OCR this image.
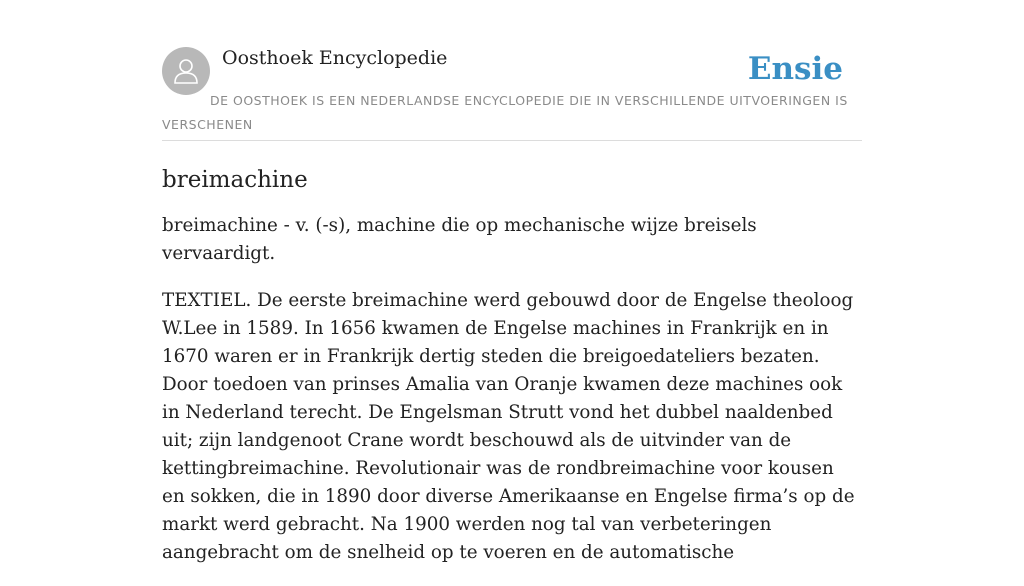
Oosthoek Encyclopedie	Ensie

DE OOSTHOEK IS EEN NEDERLANDSE ENCYCLOPEDIE DIE IN VERSCHILLENDE UITVOERINGEN IS VERSCHENEN

breimachine

breimachine - v. (-s), machine die op mechanische wijze breisels vervaardigt.

TEXTIEL. De eerste breimachine werd gebouwd door de Engelse theoloog W.Lee in 1589. In 1656 kwamen de Engelse machines in Frankrijk en in 1670 waren er in Frankrijk dertig steden die breigoedateliers bezaten. Door toedoen van prinses Amalia van Oranje kwamen deze machines ook in Nederland terecht. De Engelsman Strutt vond het dubbel naaldenbed uit; zijn landgenoot Crane wordt beschouwd als de uitvinder van de kettingbreimachine. Revolutionair was de rondbreimachine voor kousen en sokken, die in 1890 door diverse Amerikaanse en Engelse firma’s op de markt werd gebracht. Na 1900 werden nog tal van verbeteringen aangebracht om de snelheid op te voeren en de automatische
